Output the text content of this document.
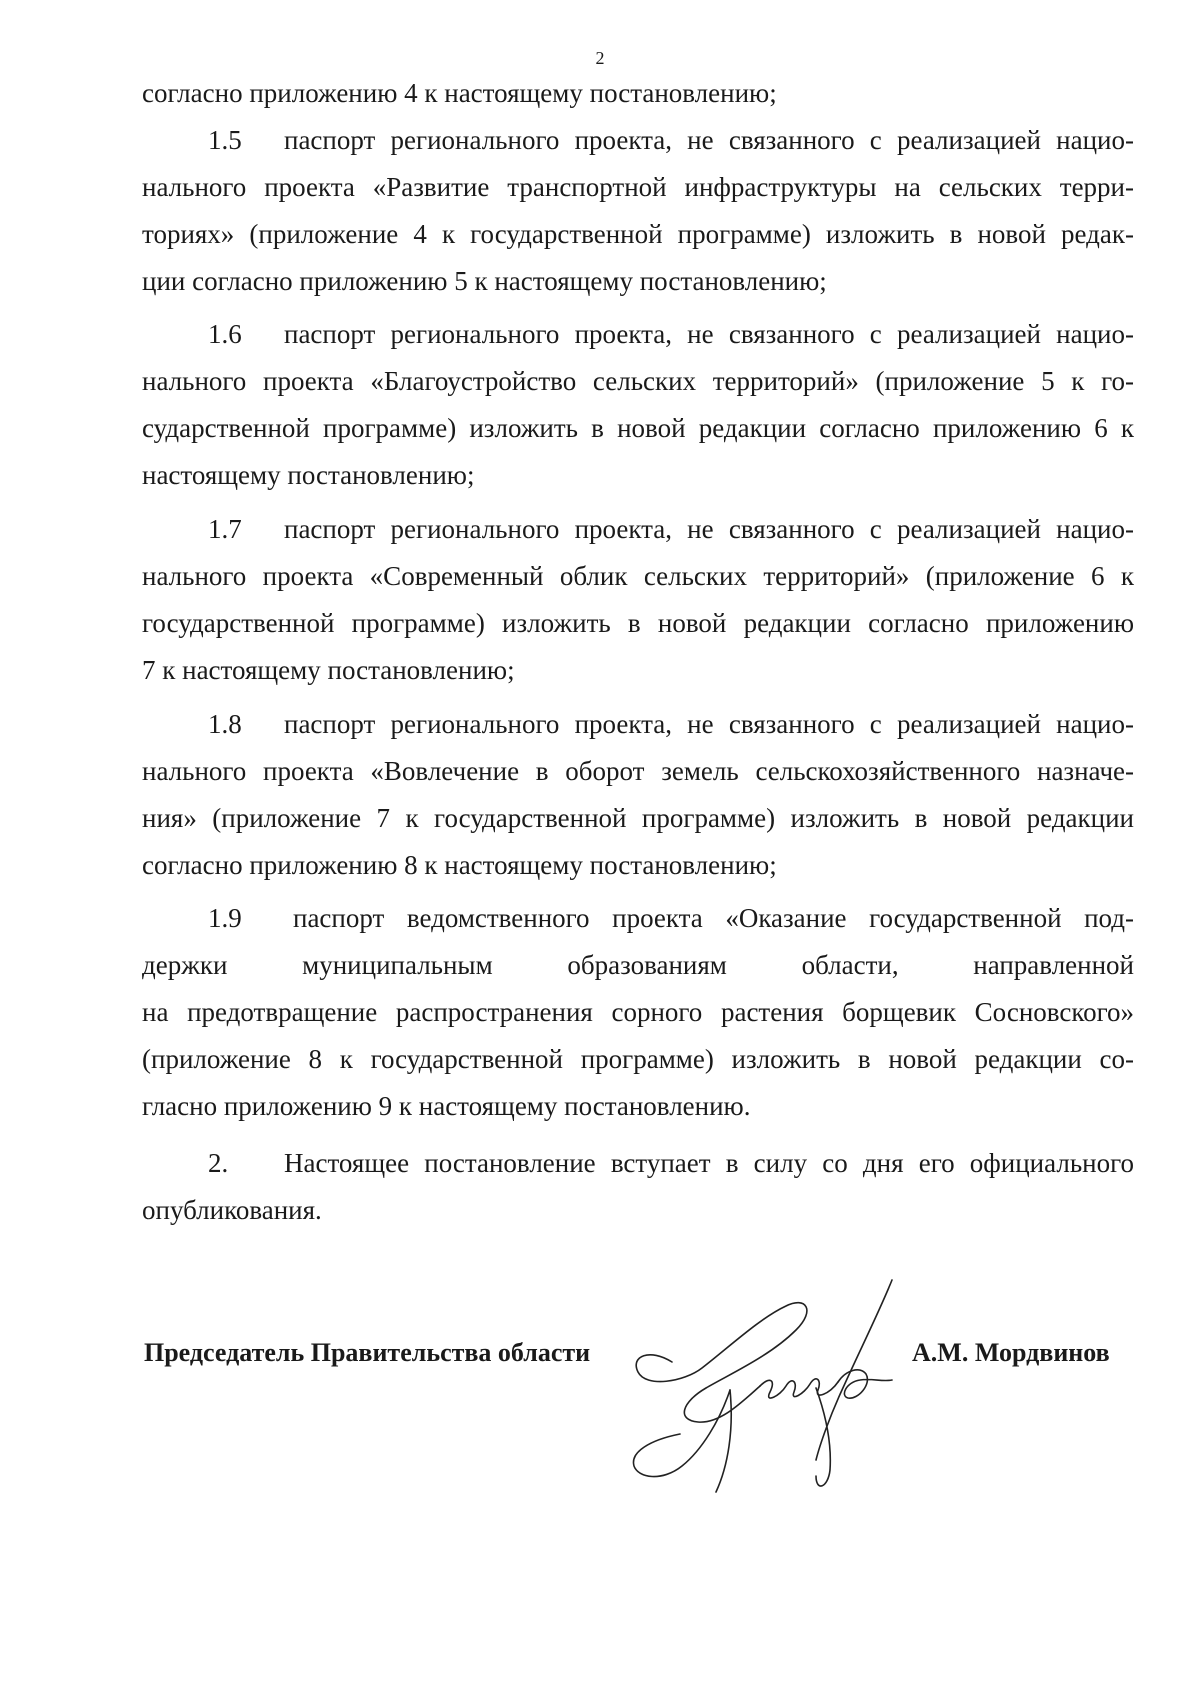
2
согласно приложению 4 к настоящему постановлению;
1.5 паспорт регионального проекта, не связанного с реализацией нацио-
нального проекта «Развитие транспортной инфраструктуры на сельских терри-
ториях» (приложение 4 к государственной программе) изложить в новой редак-
ции согласно приложению 5 к настоящему постановлению;
1.6 паспорт регионального проекта, не связанного с реализацией нацио-
нального проекта «Благоустройство сельских территорий» (приложение 5 к го-
сударственной программе) изложить в новой редакции согласно приложению 6 к
настоящему постановлению;
1.7 паспорт регионального проекта, не связанного с реализацией нацио-
нального проекта «Современный облик сельских территорий» (приложение 6 к
государственной программе) изложить в новой редакции согласно приложению
7 к настоящему постановлению;
1.8 паспорт регионального проекта, не связанного с реализацией нацио-
нального проекта «Вовлечение в оборот земель сельскохозяйственного назначе-
ния» (приложение 7 к государственной программе) изложить в новой редакции
согласно приложению 8 к настоящему постановлению;
1.9 паспорт ведомственного проекта «Оказание государственной под-
держки муниципальным образованиям области, направленной
на предотвращение распространения сорного растения борщевик Сосновского»
(приложение 8 к государственной программе) изложить в новой редакции со-
гласно приложению 9 к настоящему постановлению.
2. Настоящее постановление вступает в силу со дня его официального
опубликования.
Председатель Правительства области	А.М. Мордвинов
